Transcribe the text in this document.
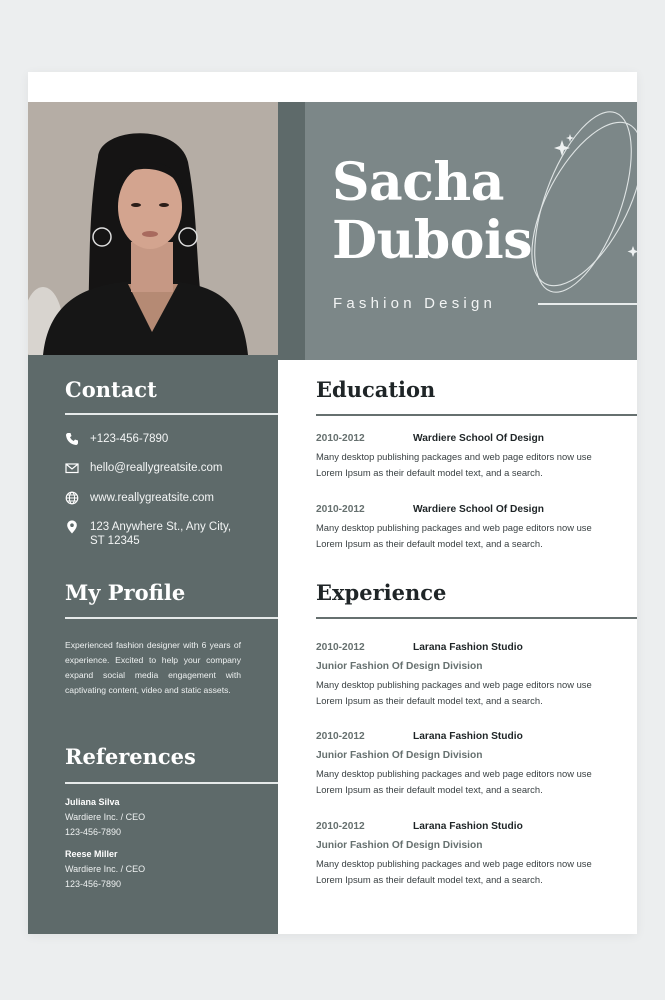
Sacha
Dubois
Fashion Design
Contact
+123-456-7890
hello@reallygreatsite.com
www.reallygreatsite.com
123 Anywhere St., Any City,
ST 12345
My Profile
Experienced fashion designer with 6 years of experience. Excited to help your company expand social media engagement with captivating content, video and static assets.
References
Juliana Silva
Wardiere Inc. / CEO
123-456-7890
Reese Miller
Wardiere Inc. / CEO
123-456-7890
Education
2010-2012	Wardiere School Of Design
Many desktop publishing packages and web page editors now use
Lorem Ipsum as their default model text, and a search.
2010-2012	Wardiere School Of Design
Many desktop publishing packages and web page editors now use
Lorem Ipsum as their default model text, and a search.
Experience
2010-2012	Larana Fashion Studio
Junior Fashion Of Design Division
Many desktop publishing packages and web page editors now use
Lorem Ipsum as their default model text, and a search.
2010-2012	Larana Fashion Studio
Junior Fashion Of Design Division
Many desktop publishing packages and web page editors now use
Lorem Ipsum as their default model text, and a search.
2010-2012	Larana Fashion Studio
Junior Fashion Of Design Division
Many desktop publishing packages and web page editors now use
Lorem Ipsum as their default model text, and a search.
